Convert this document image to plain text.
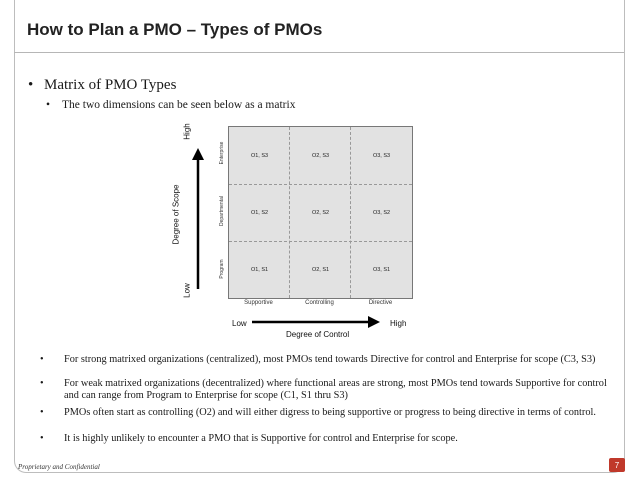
How to Plan a PMO – Types of PMOs
• Matrix of PMO Types
• The two dimensions can be seen below as a matrix
High
Degree of Scope
Low
Enterprise
Departmental
Program
O1, S3	O2, S3	O3, S3
O1, S2	O2, S2	O3, S2
O1, S1	O2, S1	O3, S1
Supportive	Controlling	Directive
Low	High
Degree of Control
• For strong matrixed organizations (centralized), most PMOs tend towards Directive for control and Enterprise for scope (C3, S3)
• For weak matrixed organizations (decentralized) where functional areas are strong, most PMOs tend towards Supportive for control and can range from Program to Enterprise for scope (C1, S1 thru S3)
• PMOs often start as controlling (O2) and will either digress to being supportive or progress to being directive in terms of control.
• It is highly unlikely to encounter a PMO that is Supportive for control and Enterprise for scope.
Proprietary and Confidential	7
